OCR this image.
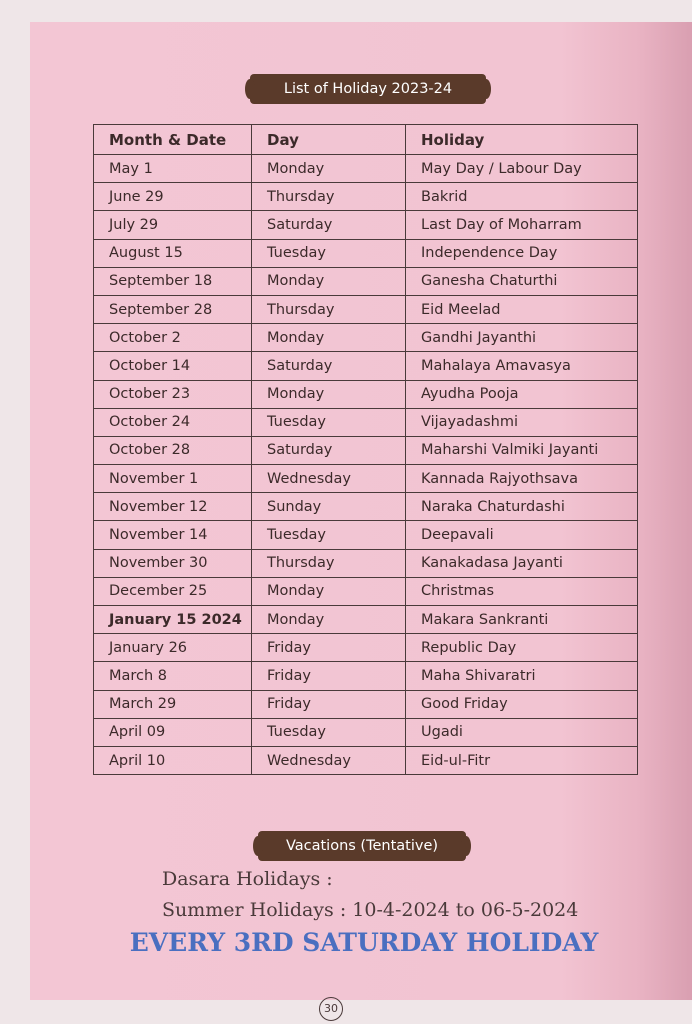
List of Holiday 2023-24
Month & Date	Day	Holiday
May 1	Monday	May Day / Labour Day
June 29	Thursday	Bakrid
July 29	Saturday	Last Day of Moharram
August 15	Tuesday	Independence Day
September 18	Monday	Ganesha Chaturthi
September 28	Thursday	Eid Meelad
October 2	Monday	Gandhi Jayanthi
October 14	Saturday	Mahalaya Amavasya
October 23	Monday	Ayudha Pooja
October 24	Tuesday	Vijayadashmi
October 28	Saturday	Maharshi Valmiki Jayanti
November 1	Wednesday	Kannada Rajyothsava
November 12	Sunday	Naraka Chaturdashi
November 14	Tuesday	Deepavali
November 30	Thursday	Kanakadasa Jayanti
December 25	Monday	Christmas
January 15 2024	Monday	Makara Sankranti
January 26	Friday	Republic Day
March 8	Friday	Maha Shivaratri
March 29	Friday	Good Friday
April 09	Tuesday	Ugadi
April 10	Wednesday	Eid-ul-Fitr
Vacations (Tentative)
Dasara Holidays :
Summer Holidays : 10-4-2024 to 06-5-2024
EVERY 3RD SATURDAY HOLIDAY
30
